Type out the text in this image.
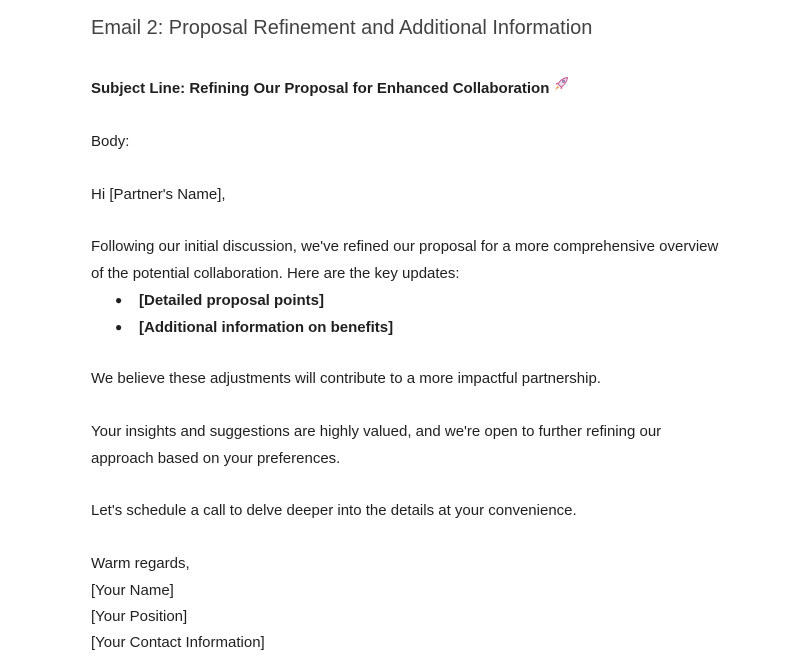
Email 2: Proposal Refinement and Additional Information
Subject Line: Refining Our Proposal for Enhanced Collaboration
Body:
Hi [Partner's Name],
Following our initial discussion, we've refined our proposal for a more comprehensive overview of the potential collaboration. Here are the key updates:
● [Detailed proposal points]
● [Additional information on benefits]
We believe these adjustments will contribute to a more impactful partnership.
Your insights and suggestions are highly valued, and we're open to further refining our approach based on your preferences.
Let's schedule a call to delve deeper into the details at your convenience.
Warm regards,
[Your Name]
[Your Position]
[Your Contact Information]
